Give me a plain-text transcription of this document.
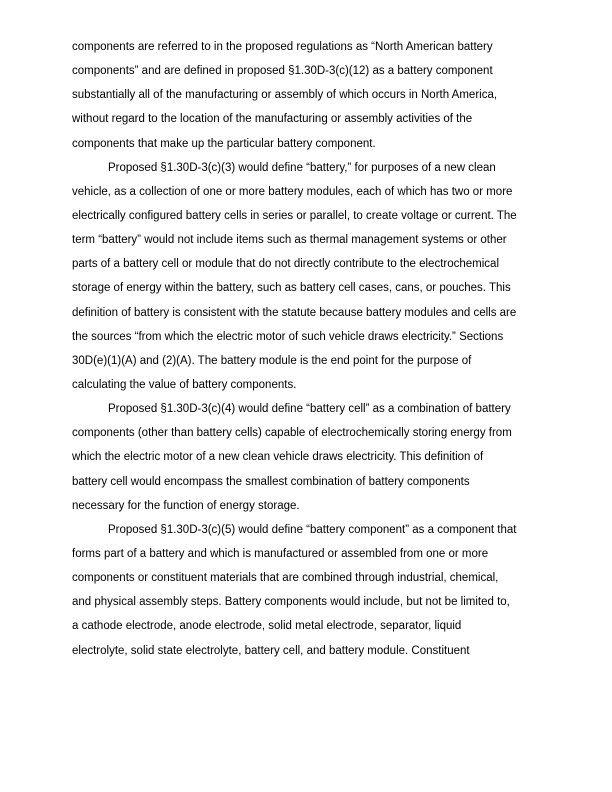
components are referred to in the proposed regulations as “North American battery
components” and are defined in proposed §1.30D-3(c)(12) as a battery component
substantially all of the manufacturing or assembly of which occurs in North America,
without regard to the location of the manufacturing or assembly activities of the
components that make up the particular battery component.
Proposed §1.30D-3(c)(3) would define “battery,” for purposes of a new clean
vehicle, as a collection of one or more battery modules, each of which has two or more
electrically configured battery cells in series or parallel, to create voltage or current. The
term “battery” would not include items such as thermal management systems or other
parts of a battery cell or module that do not directly contribute to the electrochemical
storage of energy within the battery, such as battery cell cases, cans, or pouches. This
definition of battery is consistent with the statute because battery modules and cells are
the sources “from which the electric motor of such vehicle draws electricity.” Sections
30D(e)(1)(A) and (2)(A). The battery module is the end point for the purpose of
calculating the value of battery components.
Proposed §1.30D-3(c)(4) would define “battery cell” as a combination of battery
components (other than battery cells) capable of electrochemically storing energy from
which the electric motor of a new clean vehicle draws electricity. This definition of
battery cell would encompass the smallest combination of battery components
necessary for the function of energy storage.
Proposed §1.30D-3(c)(5) would define “battery component” as a component that
forms part of a battery and which is manufactured or assembled from one or more
components or constituent materials that are combined through industrial, chemical,
and physical assembly steps. Battery components would include, but not be limited to,
a cathode electrode, anode electrode, solid metal electrode, separator, liquid
electrolyte, solid state electrolyte, battery cell, and battery module. Constituent
